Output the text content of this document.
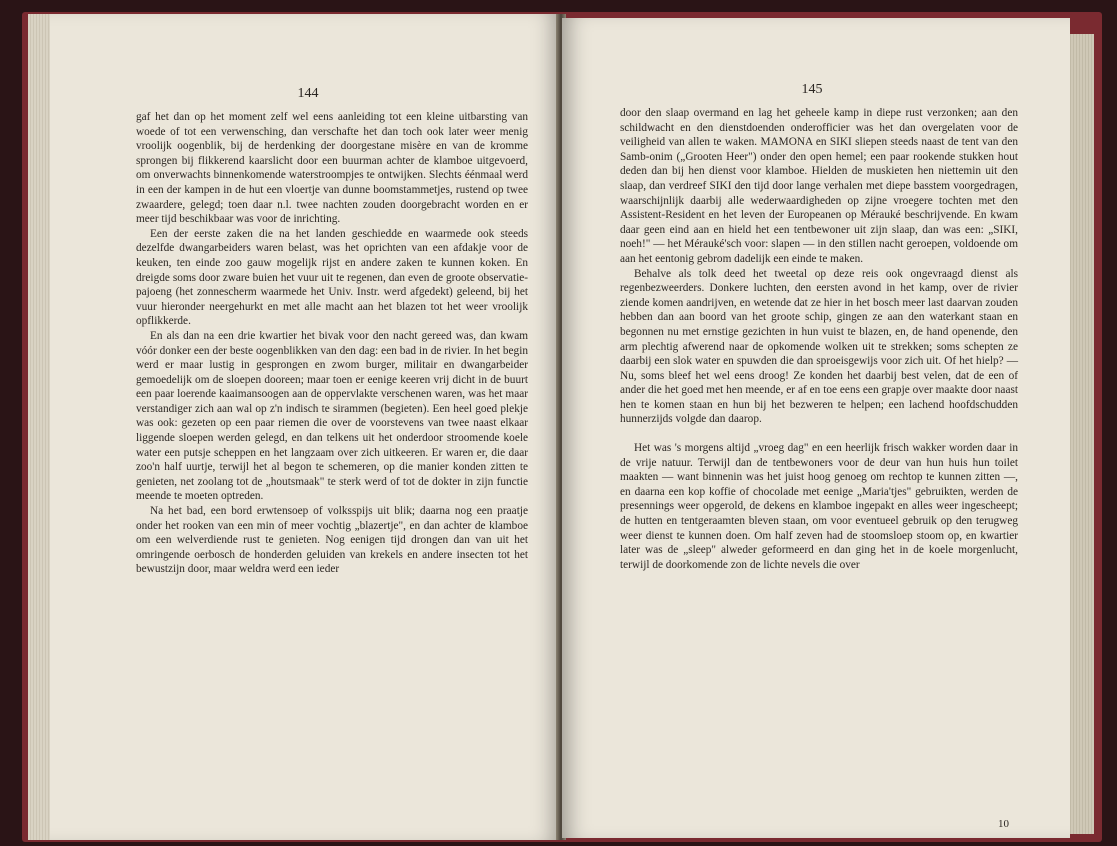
144

gaf het dan op het moment zelf wel eens aanleiding tot een kleine uitbarsting van woede of tot een verwensching, dan verschafte het dan toch ook later weer menig vroolijk oogenblik, bij de herdenking der doorgestane misère en van de kromme sprongen bij flikkerend kaarslicht door een buurman achter de klamboe uitgevoerd, om onverwachts binnenkomende waterstroompjes te ontwijken. Slechts éénmaal werd in een der kampen in de hut een vloertje van dunne boomstammetjes, rustend op twee zwaardere, gelegd; toen daar n.l. twee nachten zouden doorgebracht worden en er meer tijd beschikbaar was voor de inrichting.

Een der eerste zaken die na het landen geschiedde en waarmede ook steeds dezelfde dwangarbeiders waren belast, was het oprichten van een afdakje voor de keuken, ten einde zoo gauw mogelijk rijst en andere zaken te kunnen koken. En dreigde soms door zware buien het vuur uit te regenen, dan even de groote observatie-pajoeng (het zonnescherm waarmede het Univ. Instr. werd afgedekt) geleend, bij het vuur hieronder neergehurkt en met alle macht aan het blazen tot het weer vroolijk opflikkerde.

En als dan na een drie kwartier het bivak voor den nacht gereed was, dan kwam vóór donker een der beste oogenblikken van den dag: een bad in de rivier. In het begin werd er maar lustig in gesprongen en zwom burger, militair en dwangarbeider gemoedelijk om de sloepen dooreen; maar toen er eenige keeren vrij dicht in de buurt een paar loerende kaaimansoogen aan de oppervlakte verschenen waren, was het maar verstandiger zich aan wal op z'n indisch te sirammen (begieten). Een heel goed plekje was ook: gezeten op een paar riemen die over de voorstevens van twee naast elkaar liggende sloepen werden gelegd, en dan telkens uit het onderdoor stroomende koele water een putsje scheppen en het langzaam over zich uitkeeren. Er waren er, die daar zoo'n half uurtje, terwijl het al begon te schemeren, op die manier konden zitten te genieten, net zoolang tot de „houtsmaak" te sterk werd of tot de dokter in zijn functie meende te moeten optreden.

Na het bad, een bord erwtensoep of volksspijs uit blik; daarna nog een praatje onder het rooken van een min of meer vochtig „blazertje", en dan achter de klamboe om een welverdiende rust te genieten. Nog eenigen tijd drongen dan van uit het omringende oerbosch de honderden geluiden van krekels en andere insecten tot het bewustzijn door, maar weldra werd een ieder

145

door den slaap overmand en lag het geheele kamp in diepe rust verzonken; aan den schildwacht en den dienstdoenden onderofficier was het dan overgelaten voor de veiligheid van allen te waken. MAMONA en SIKI sliepen steeds naast de tent van den Samb-onim („Grooten Heer") onder den open hemel; een paar rookende stukken hout deden dan bij hen dienst voor klamboe. Hielden de muskieten hen niettemin uit den slaap, dan verdreef SIKI den tijd door lange verhalen met diepe basstem voorgedragen, waarschijnlijk daarbij alle wederwaardigheden op zijne vroegere tochten met den Assistent-Resident en het leven der Europeanen op Mérauké beschrijvende. En kwam daar geen eind aan en hield het een tentbewoner uit zijn slaap, dan was een: „SIKI, noeh!" — het Mérauké'sch voor: slapen — in den stillen nacht geroepen, voldoende om aan het eentonig gebrom dadelijk een einde te maken.

Behalve als tolk deed het tweetal op deze reis ook ongevraagd dienst als regenbezweerders. Donkere luchten, den eersten avond in het kamp, over de rivier ziende komen aandrijven, en wetende dat ze hier in het bosch meer last daarvan zouden hebben dan aan boord van het groote schip, gingen ze aan den waterkant staan en begonnen nu met ernstige gezichten in hun vuist te blazen, en, de hand openende, den arm plechtig afwerend naar de opkomende wolken uit te strekken; soms schepten ze daarbij een slok water en spuwden die dan sproeisgewijs voor zich uit. Of het hielp? — Nu, soms bleef het wel eens droog! Ze konden het daarbij best velen, dat de een of ander die het goed met hen meende, er af en toe eens een grapje over maakte door naast hen te komen staan en hun bij het bezweren te helpen; een lachend hoofdschudden hunnerzijds volgde dan daarop.

Het was 's morgens altijd „vroeg dag" en een heerlijk frisch wakker worden daar in de vrije natuur. Terwijl dan de tentbewoners voor de deur van hun huis hun toilet maakten — want binnenin was het juist hoog genoeg om rechtop te kunnen zitten —, en daarna een kop koffie of chocolade met eenige „Maria'tjes" gebruikten, werden de presennings weer opgerold, de dekens en klamboe ingepakt en alles weer ingescheept; de hutten en tentgeraamten bleven staan, om voor eventueel gebruik op den terugweg weer dienst te kunnen doen. Om half zeven had de stoomsloep stoom op, en kwartier later was de „sleep" alweder geformeerd en dan ging het in de koele morgenlucht, terwijl de doorkomende zon de lichte nevels die over

10
